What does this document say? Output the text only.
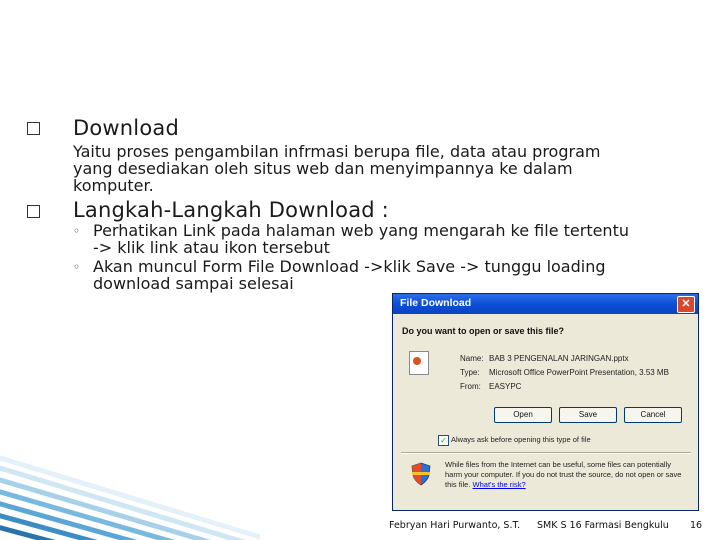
Download
Yaitu proses pengambilan infrmasi berupa file, data atau program
yang desediakan oleh situs web dan menyimpannya ke dalam
komputer.
Langkah-Langkah Download :
◦ Perhatikan Link pada halaman web yang mengarah ke file tertentu
-> klik link atau ikon tersebut
◦ Akan muncul Form File Download ->klik Save -> tunggu loading
download sampai selesai
File Download	✕
Do you want to open or save this file?
Name: BAB 3 PENGENALAN JARINGAN.pptx
Type: Microsoft Office PowerPoint Presentation, 3.53 MB
From: EASYPC
Open	Save	Cancel
✓ Always ask before opening this type of file
While files from the Internet can be useful, some files can potentially harm your computer. If you do not trust the source, do not open or save this file. What's the risk?
Febryan Hari Purwanto, S.T. SMK S 16 Farmasi Bengkulu 16
